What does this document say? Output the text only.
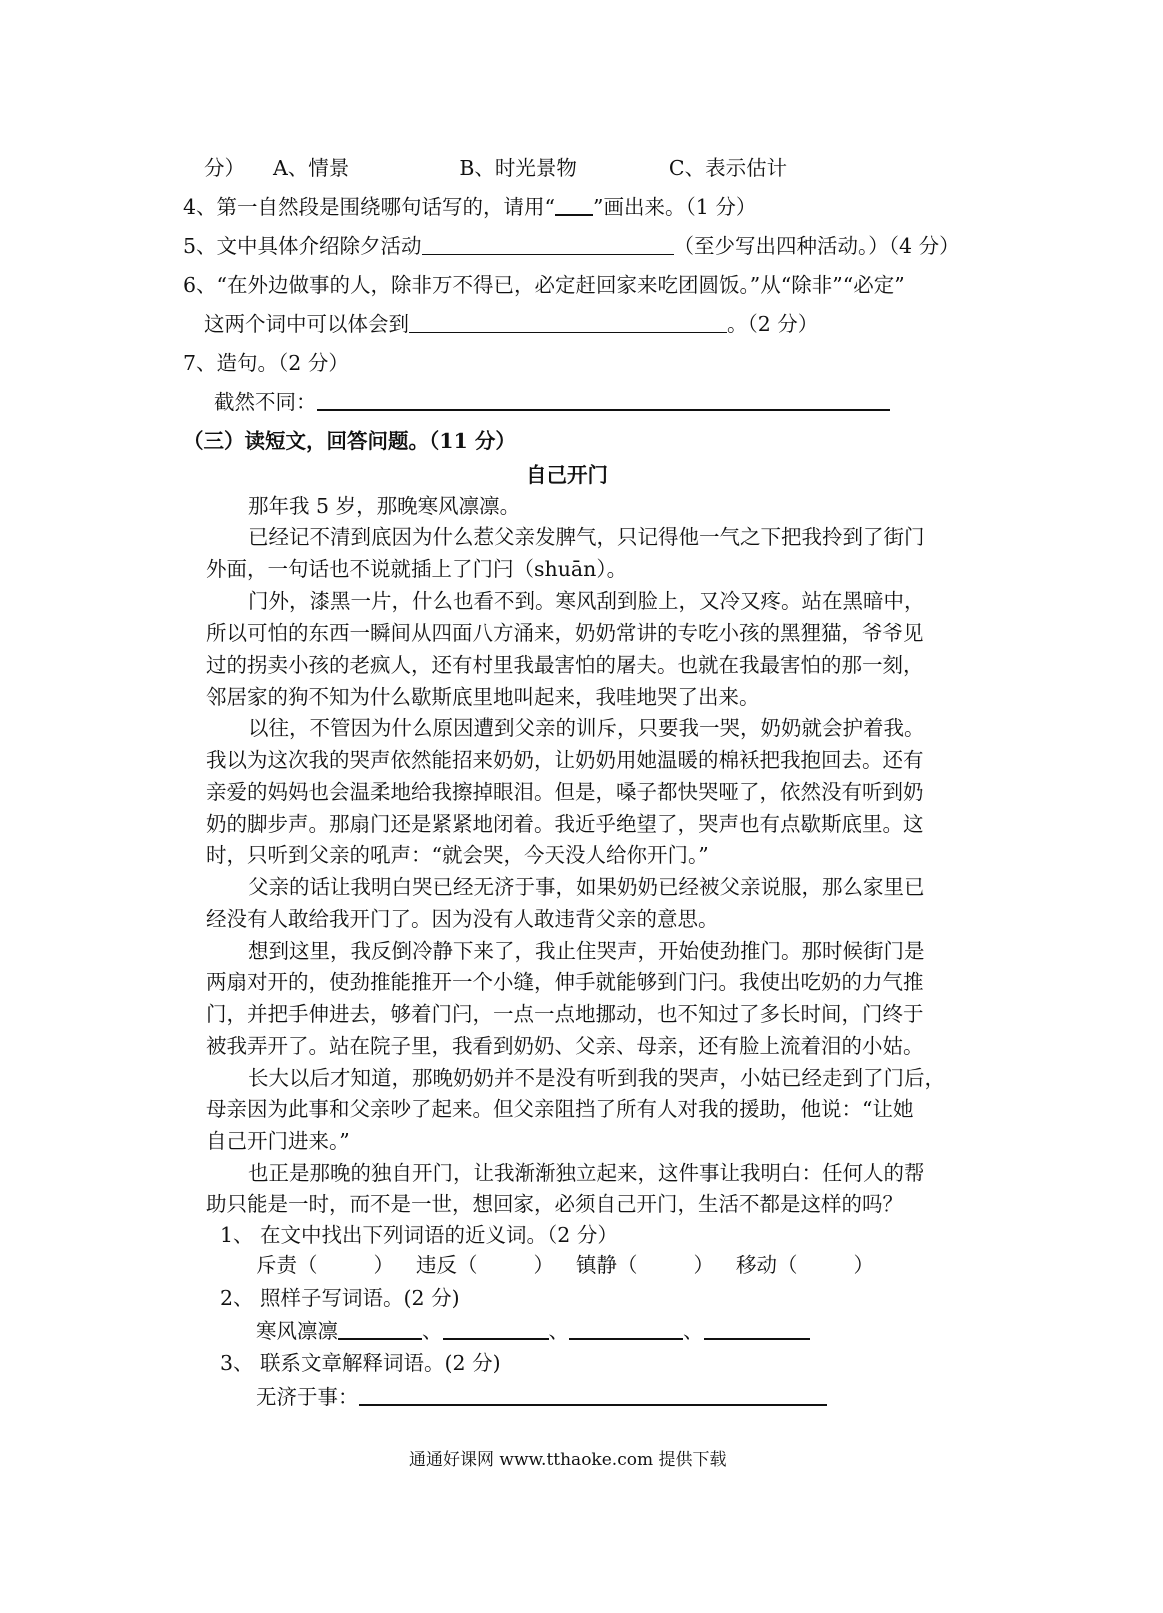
分） A、情景	B、时光景物	C、表示估计
4、第一自然段是围绕哪句话写的，请用“ ”画出来。（1 分）
5、文中具体介绍除夕活动	（至少写出四种活动。）（4 分）
6、“在外边做事的人，除非万不得已，必定赶回家来吃团圆饭。”从“除非”“必定”
这两个词中可以体会到	。（2 分）
7、造句。（2 分）
截然不同：
（三）读短文，回答问题。（11 分）
自己开门
那年我 5 岁，那晚寒风凛凛。
已经记不清到底因为什么惹父亲发脾气，只记得他一气之下把我拎到了街门
外面，一句话也不说就插上了门闩（shuān）。
门外，漆黑一片，什么也看不到。寒风刮到脸上，又冷又疼。站在黑暗中，
所以可怕的东西一瞬间从四面八方涌来，奶奶常讲的专吃小孩的黑狸猫，爷爷见
过的拐卖小孩的老疯人，还有村里我最害怕的屠夫。也就在我最害怕的那一刻，
邻居家的狗不知为什么歇斯底里地叫起来，我哇地哭了出来。
以往，不管因为什么原因遭到父亲的训斥，只要我一哭，奶奶就会护着我。
我以为这次我的哭声依然能招来奶奶，让奶奶用她温暖的棉袄把我抱回去。还有
亲爱的妈妈也会温柔地给我擦掉眼泪。但是，嗓子都快哭哑了，依然没有听到奶
奶的脚步声。那扇门还是紧紧地闭着。我近乎绝望了，哭声也有点歇斯底里。这
时，只听到父亲的吼声：“就会哭，今天没人给你开门。”
父亲的话让我明白哭已经无济于事，如果奶奶已经被父亲说服，那么家里已
经没有人敢给我开门了。因为没有人敢违背父亲的意思。
想到这里，我反倒冷静下来了，我止住哭声，开始使劲推门。那时候街门是
两扇对开的，使劲推能推开一个小缝，伸手就能够到门闩。我使出吃奶的力气推
门，并把手伸进去，够着门闩，一点一点地挪动，也不知过了多长时间，门终于
被我弄开了。站在院子里，我看到奶奶、父亲、母亲，还有脸上流着泪的小姑。
长大以后才知道，那晚奶奶并不是没有听到我的哭声，小姑已经走到了门后，
母亲因为此事和父亲吵了起来。但父亲阻挡了所有人对我的援助，他说：“让她
自己开门进来。”
也正是那晚的独自开门，让我渐渐独立起来，这件事让我明白：任何人的帮
助只能是一时，而不是一世，想回家，必须自己开门，生活不都是这样的吗？
1、 在文中找出下列词语的近义词。（2 分）
斥责（	） 违反（	） 镇静（	） 移动（	）
2、 照样子写词语。(2 分)
寒风凛凛	、	、	、
3、 联系文章解释词语。(2 分)
无济于事：
通通好课网 www.tthaoke.com 提供下载
